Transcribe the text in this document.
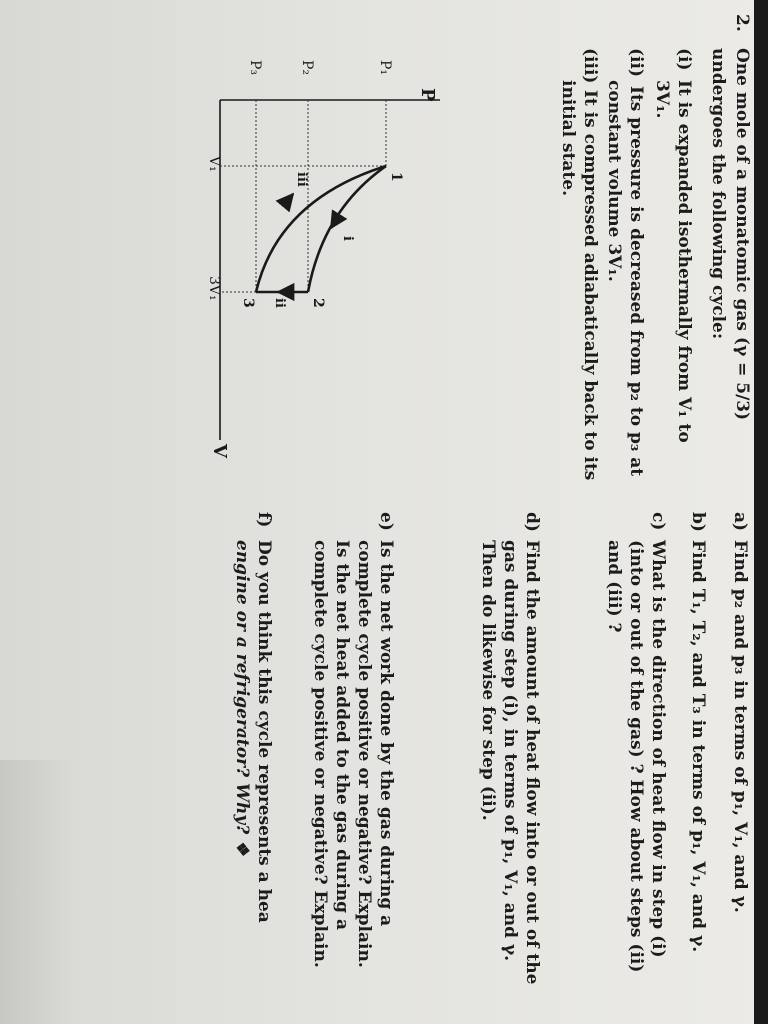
2.
One mole of a monatomic gas (γ = 5/3)
undergoes the following cycle:
(i)
It is expanded isothermally from V₁ to
3V₁.
(ii)
Its pressure is decreased from p₂ to p₃ at
constant volume 3V₁.
(iii)
It is compressed adiabatically back to its
initial state.
P
V
P₁
P₂
P₃
V₁
3V₁
1
2
3
i
ii
iii
a)
Find p₂ and p₃ in terms of p₁, V₁, and γ.
b)
Find T₁, T₂, and T₃ in terms of p₁, V₁, and γ.
c)
What is the direction of heat flow in step (i)
(into or out of the gas) ? How about steps (ii)
and (iii) ?
d)
Find the amount of heat flow into or out of the
gas during step (i), in terms of p₁, V₁, and γ.
Then do likewise for step (ii).
e)
Is the net work done by the gas during a
complete cycle positive or negative? Explain.
Is the net heat added to the gas during a
complete cycle positive or negative? Explain.
f)
Do you think this cycle represents a hea
engine or a refrigerator? Why? ❖
